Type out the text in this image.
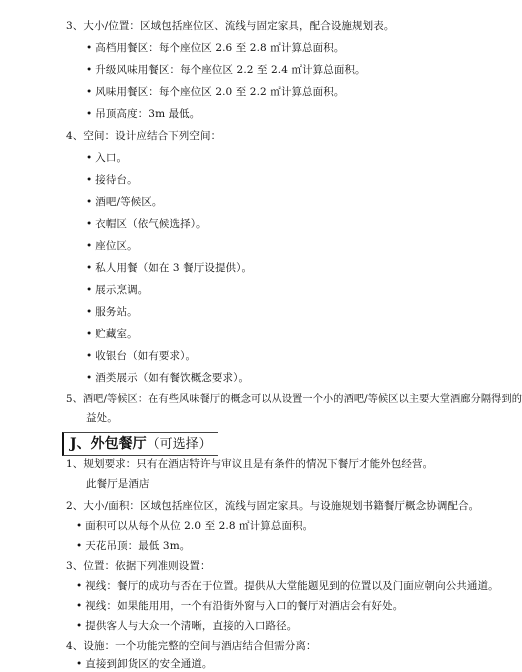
3、大小/位置：区域包括座位区、流线与固定家具，配合设施规划表。
• 高档用餐区：每个座位区 2.6 至 2.8 ㎡计算总面积。
• 升级风味用餐区：每个座位区 2.2 至 2.4 ㎡计算总面积。
• 风味用餐区：每个座位区 2.0 至 2.2 ㎡计算总面积。
• 吊顶高度：3m 最低。
4、空间：设计应结合下列空间：
• 入口。
• 接待台。
• 酒吧/等候区。
• 衣帽区（依气候选择）。
• 座位区。
• 私人用餐（如在 3 餐厅设提供）。
• 展示烹调。
• 服务站。
• 贮藏室。
• 收银台（如有要求）。
• 酒类展示（如有餐饮概念要求）。
5、酒吧/等候区：在有些风味餐厅的概念可以从设置一个小的酒吧/等候区以主要大堂酒廊分隔得到的
益处。
J、外包餐厅（可选择）
1、规划要求：只有在酒店特许与审议且是有条件的情况下餐厅才能外包经营。
此餐厅是酒店
2、大小/面积：区域包括座位区，流线与固定家具。与设施规划书籍餐厅概念协调配合。
• 面积可以从每个从位 2.0 至 2.8 ㎡计算总面积。
• 天花吊顶：最低 3m。
3、位置：依据下列准则设置：
• 视线：餐厅的成功与否在于位置。提供从大堂能题见到的位置以及门面应朝向公共通道。
• 视线：如果能用用，一个有沿街外窗与入口的餐厅对酒店会有好处。
• 提供客人与大众一个清晰，直接的入口路径。
4、设施：一个功能完整的空间与酒店结合但需分离：
• 直接到卸货区的安全通道。
